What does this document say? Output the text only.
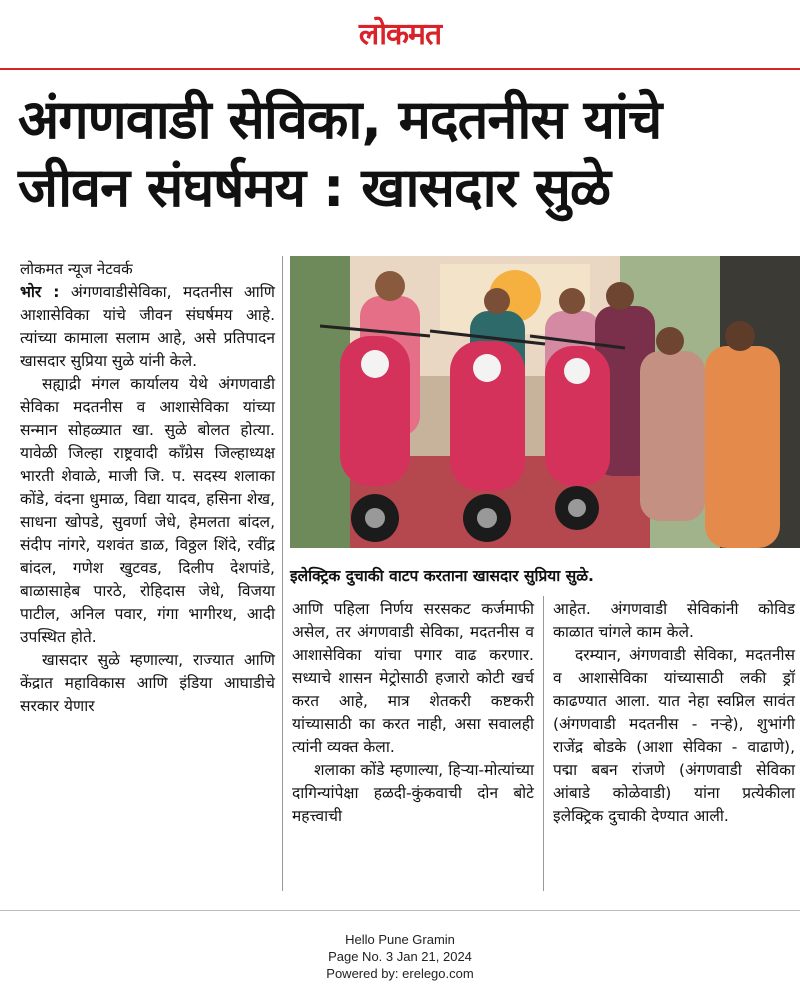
लोकमत
अंगणवाडी सेविका, मदतनीस यांचे
जीवन संघर्षमय : खासदार सुळे

लोकमत न्यूज नेटवर्क

भोर : अंगणवाडीसेविका, मदतनीस आणि आशासेविका यांचे जीवन संघर्षमय आहे. त्यांच्या कामाला सलाम आहे, असे प्रतिपादन खासदार सुप्रिया सुळे यांनी केले.

सह्याद्री मंगल कार्यालय येथे अंगणवाडी सेविका मदतनीस व आशासेविका यांच्या सन्मान सोहळ्यात खा. सुळे बोलत होत्या. यावेळी जिल्हा राष्ट्रवादी काँग्रेस जिल्हाध्यक्ष भारती शेवाळे, माजी जि. प. सदस्य शलाका कोंडे, वंदना धुमाळ, विद्या यादव, हसिना शेख, साधना खोपडे, सुवर्णा जेधे, हेमलता बांदल, संदीप नांगरे, यशवंत डाळ, विठ्ठल शिंदे, रवींद्र बांदल, गणेश खुटवड, दिलीप देशपांडे, बाळासाहेब पारठे, रोहिदास जेधे, विजया पाटील, अनिल पवार, गंगा भागीरथ, आदी उपस्थित होते.

खासदार सुळे म्हणाल्या, राज्यात आणि केंद्रात महाविकास आणि इंडिया आघाडीचे सरकार येणार

इलेक्ट्रिक दुचाकी वाटप करताना खासदार सुप्रिया सुळे.

आणि पहिला निर्णय सरसकट कर्जमाफी असेल, तर अंगणवाडी सेविका, मदतनीस व आशासेविका यांचा पगार वाढ करणार. सध्याचे शासन मेट्रोसाठी हजारो कोटी खर्च करत आहे, मात्र शेतकरी कष्टकरी यांच्यासाठी का करत नाही, असा सवालही त्यांनी व्यक्त केला.

शलाका कोंडे म्हणाल्या, हिऱ्या-मोत्यांच्या दागिन्यांपेक्षा हळदी-कुंकवाची दोन बोटे महत्त्वाची

आहेत. अंगणवाडी सेविकांनी कोविड काळात चांगले काम केले.

दरम्यान, अंगणवाडी सेविका, मदतनीस व आशासेविका यांच्यासाठी लकी ड्रॉ काढण्यात आला. यात नेहा स्वप्निल सावंत (अंगणवाडी मदतनीस - नऱ्हे), शुभांगी राजेंद्र बोडके (आशा सेविका - वाढाणे), पद्मा बबन रांजणे (अंगणवाडी सेविका आंबाडे कोळेवाडी) यांना प्रत्येकीला इलेक्ट्रिक दुचाकी देण्यात आली.

Hello Pune Gramin
Page No. 3 Jan 21, 2024
Powered by: erelego.com
